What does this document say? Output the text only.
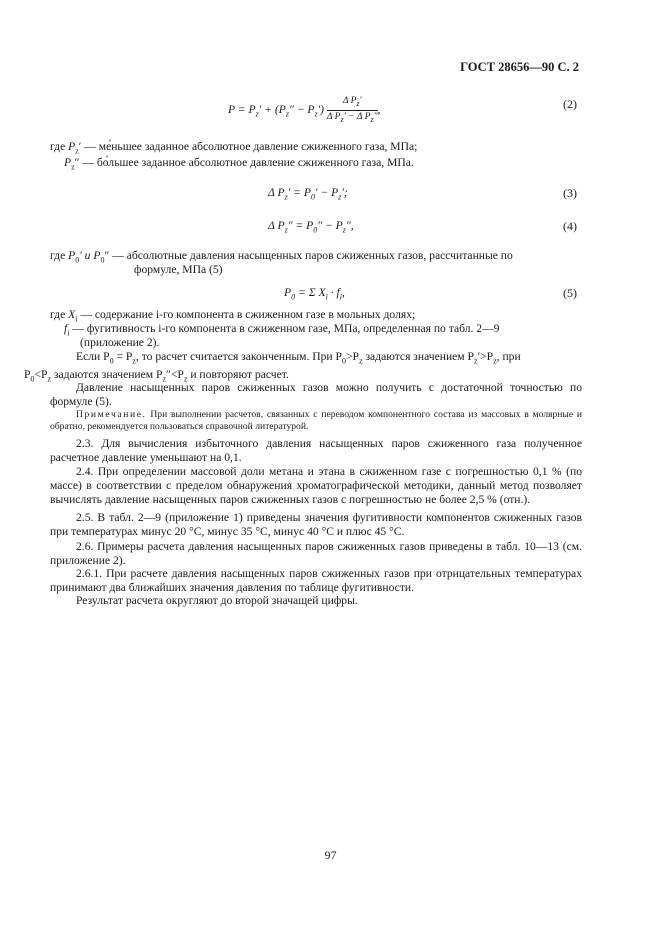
ГОСТ 28656—90 С. 2
$P = P_z' + (P_z'' - P_z') \frac{\Delta P_z'}{\Delta P_z' - \Delta P_z''}$ ,	(2)
где $P_z'$ — ме́ньшее заданное абсолютное давление сжиженного газа, МПа;
$P_z''$ — бо́льшее заданное абсолютное давление сжиженного газа, МПа.
Δ $P_z' = P_0' - P_z'$;	(3)
Δ $P_z'' = P_0'' - P_z''$,	(4)
где $P_0'$ и $P_0''$ — абсолютные давления насыщенных паров сжиженных газов, рассчитанные по
формуле, МПа (5)
$P_0 = \Sigma$ $X_i \cdot f_i$,	(5)
где $X_i$ — содержание i-го компонента в сжиженном газе в мольных долях;
$f_i$ — фугитивность i-го компонента в сжиженном газе, МПа, определенная по табл. 2—9
(приложение 2).
Если $P_0 = P_z$, то расчет считается законченным. При $P_0>P_z$ задаются значением $P_z'>P_z$, при
$P_0<P_z$ задаются значением $P_z''<P_z$ и повторяют расчет.
Давление насыщенных паров сжиженных газов можно получить с достаточной точностью по формуле (5).
Примечание. При выполнении расчетов, связанных с переводом компонентного состава из массовых в молярные и обратно, рекомендуется пользоваться справочной литературой.
2.3. Для вычисления избыточного давления насыщенных паров сжиженного газа полученное расчетное давление уменьшают на 0,1.
2.4. При определении массовой доли метана и этана в сжиженном газе с погрешностью 0,1 % (по массе) в соответствии с пределом обнаружения хроматографической методики, данный метод позволяет вычислять давление насыщенных паров сжиженных газов с погрешностью не более 2,5 % (отн.).
2.5. В табл. 2—9 (приложение 1) приведены значения фугитивности компонентов сжиженных газов при температурах минус 20 °С, минус 35 °С, минус 40 °С и плюс 45 °С.
2.6. Примеры расчета давления насыщенных паров сжиженных газов приведены в табл. 10—13 (см. приложение 2).
2.6.1. При расчете давления насыщенных паров сжиженных газов при отрицательных температурах принимают два ближайших значения давления по таблице фугитивности.
Результат расчета округляют до второй значащей цифры.
97
